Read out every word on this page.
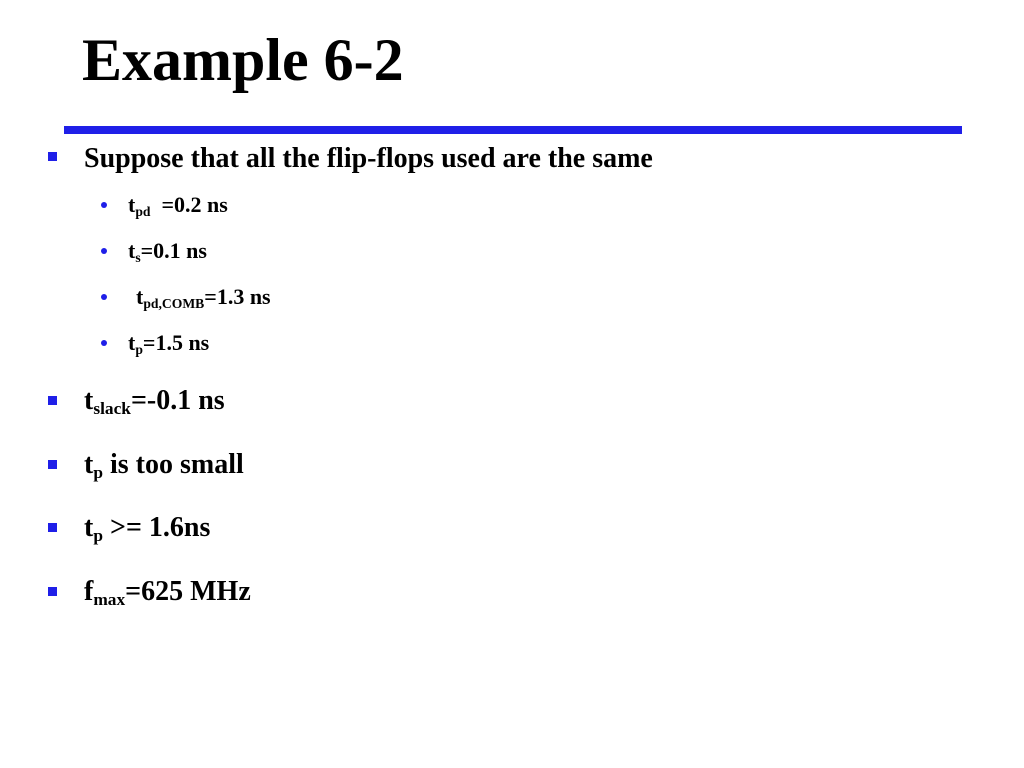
Example 6-2
Suppose that all the flip-flops used are the same
$t_{pd} =0.2$ ns
$t_s=0.1$ ns
$t_{pd,COMB}=1.3$ ns
$t_p=1.5$ ns
$t_{slack}=-0.1$ ns
$t_p$ is too small
$t_p >= 1.6ns$
$f_{max}=625$ MHz
